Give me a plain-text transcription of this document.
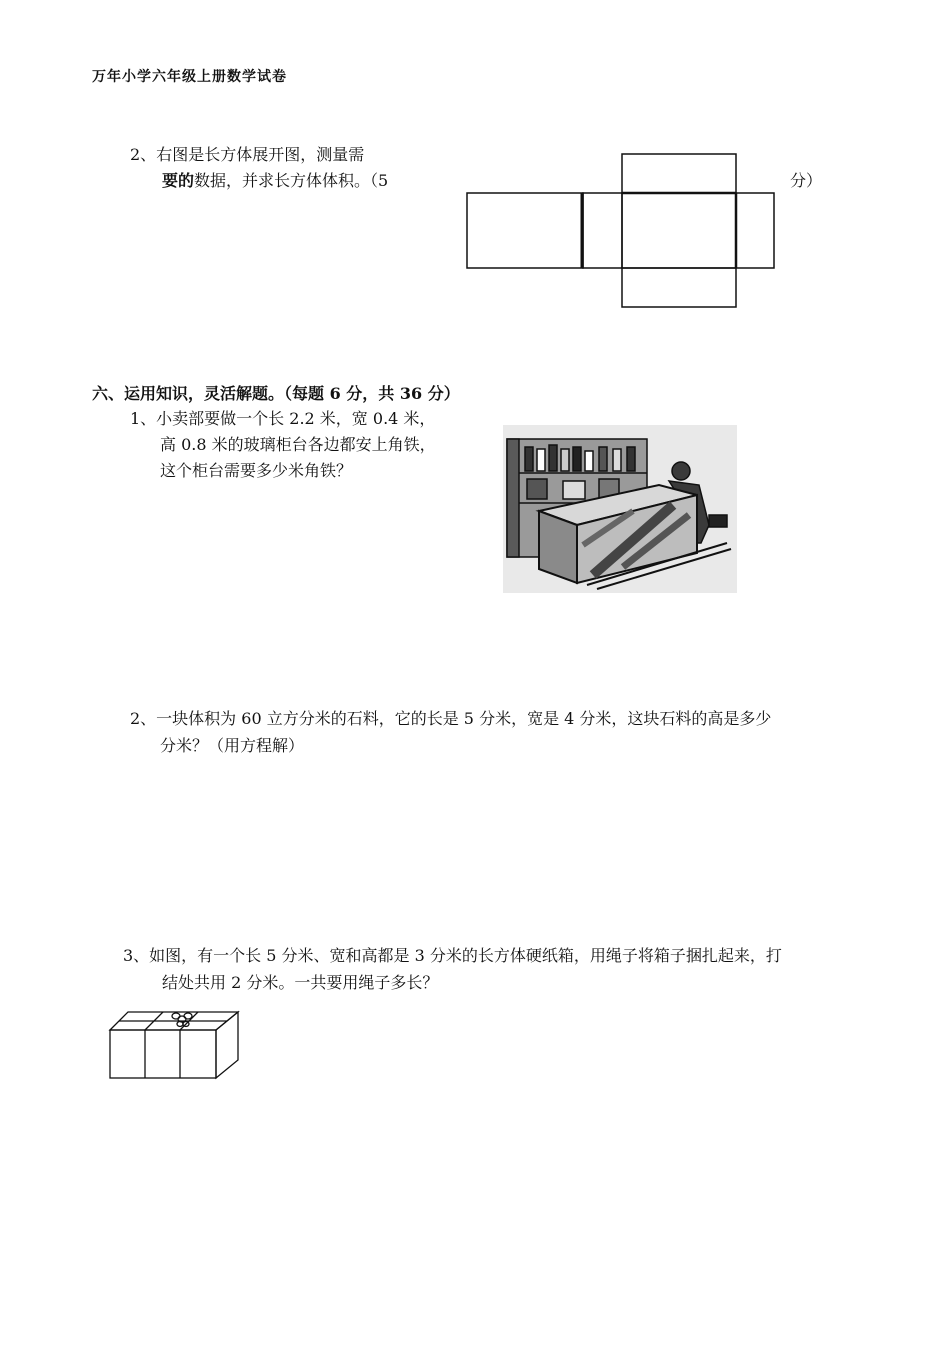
万年小学六年级上册数学试卷
2、右图是长方体展开图，测量需
要的数据，并求长方体体积。（5	分）
六、运用知识，灵活解题。（每题 6 分，共 36 分）
1、小卖部要做一个长 2.2 米，宽 0.4 米，
高 0.8 米的玻璃柜台各边都安上角铁，
这个柜台需要多少米角铁？
2、一块体积为 60 立方分米的石料，它的长是 5 分米，宽是 4 分米，这块石料的高是多少
分米？（用方程解）
3、如图，有一个长 5 分米、宽和高都是 3 分米的长方体硬纸箱，用绳子将箱子捆扎起来，打
结处共用 2 分米。一共要用绳子多长？
